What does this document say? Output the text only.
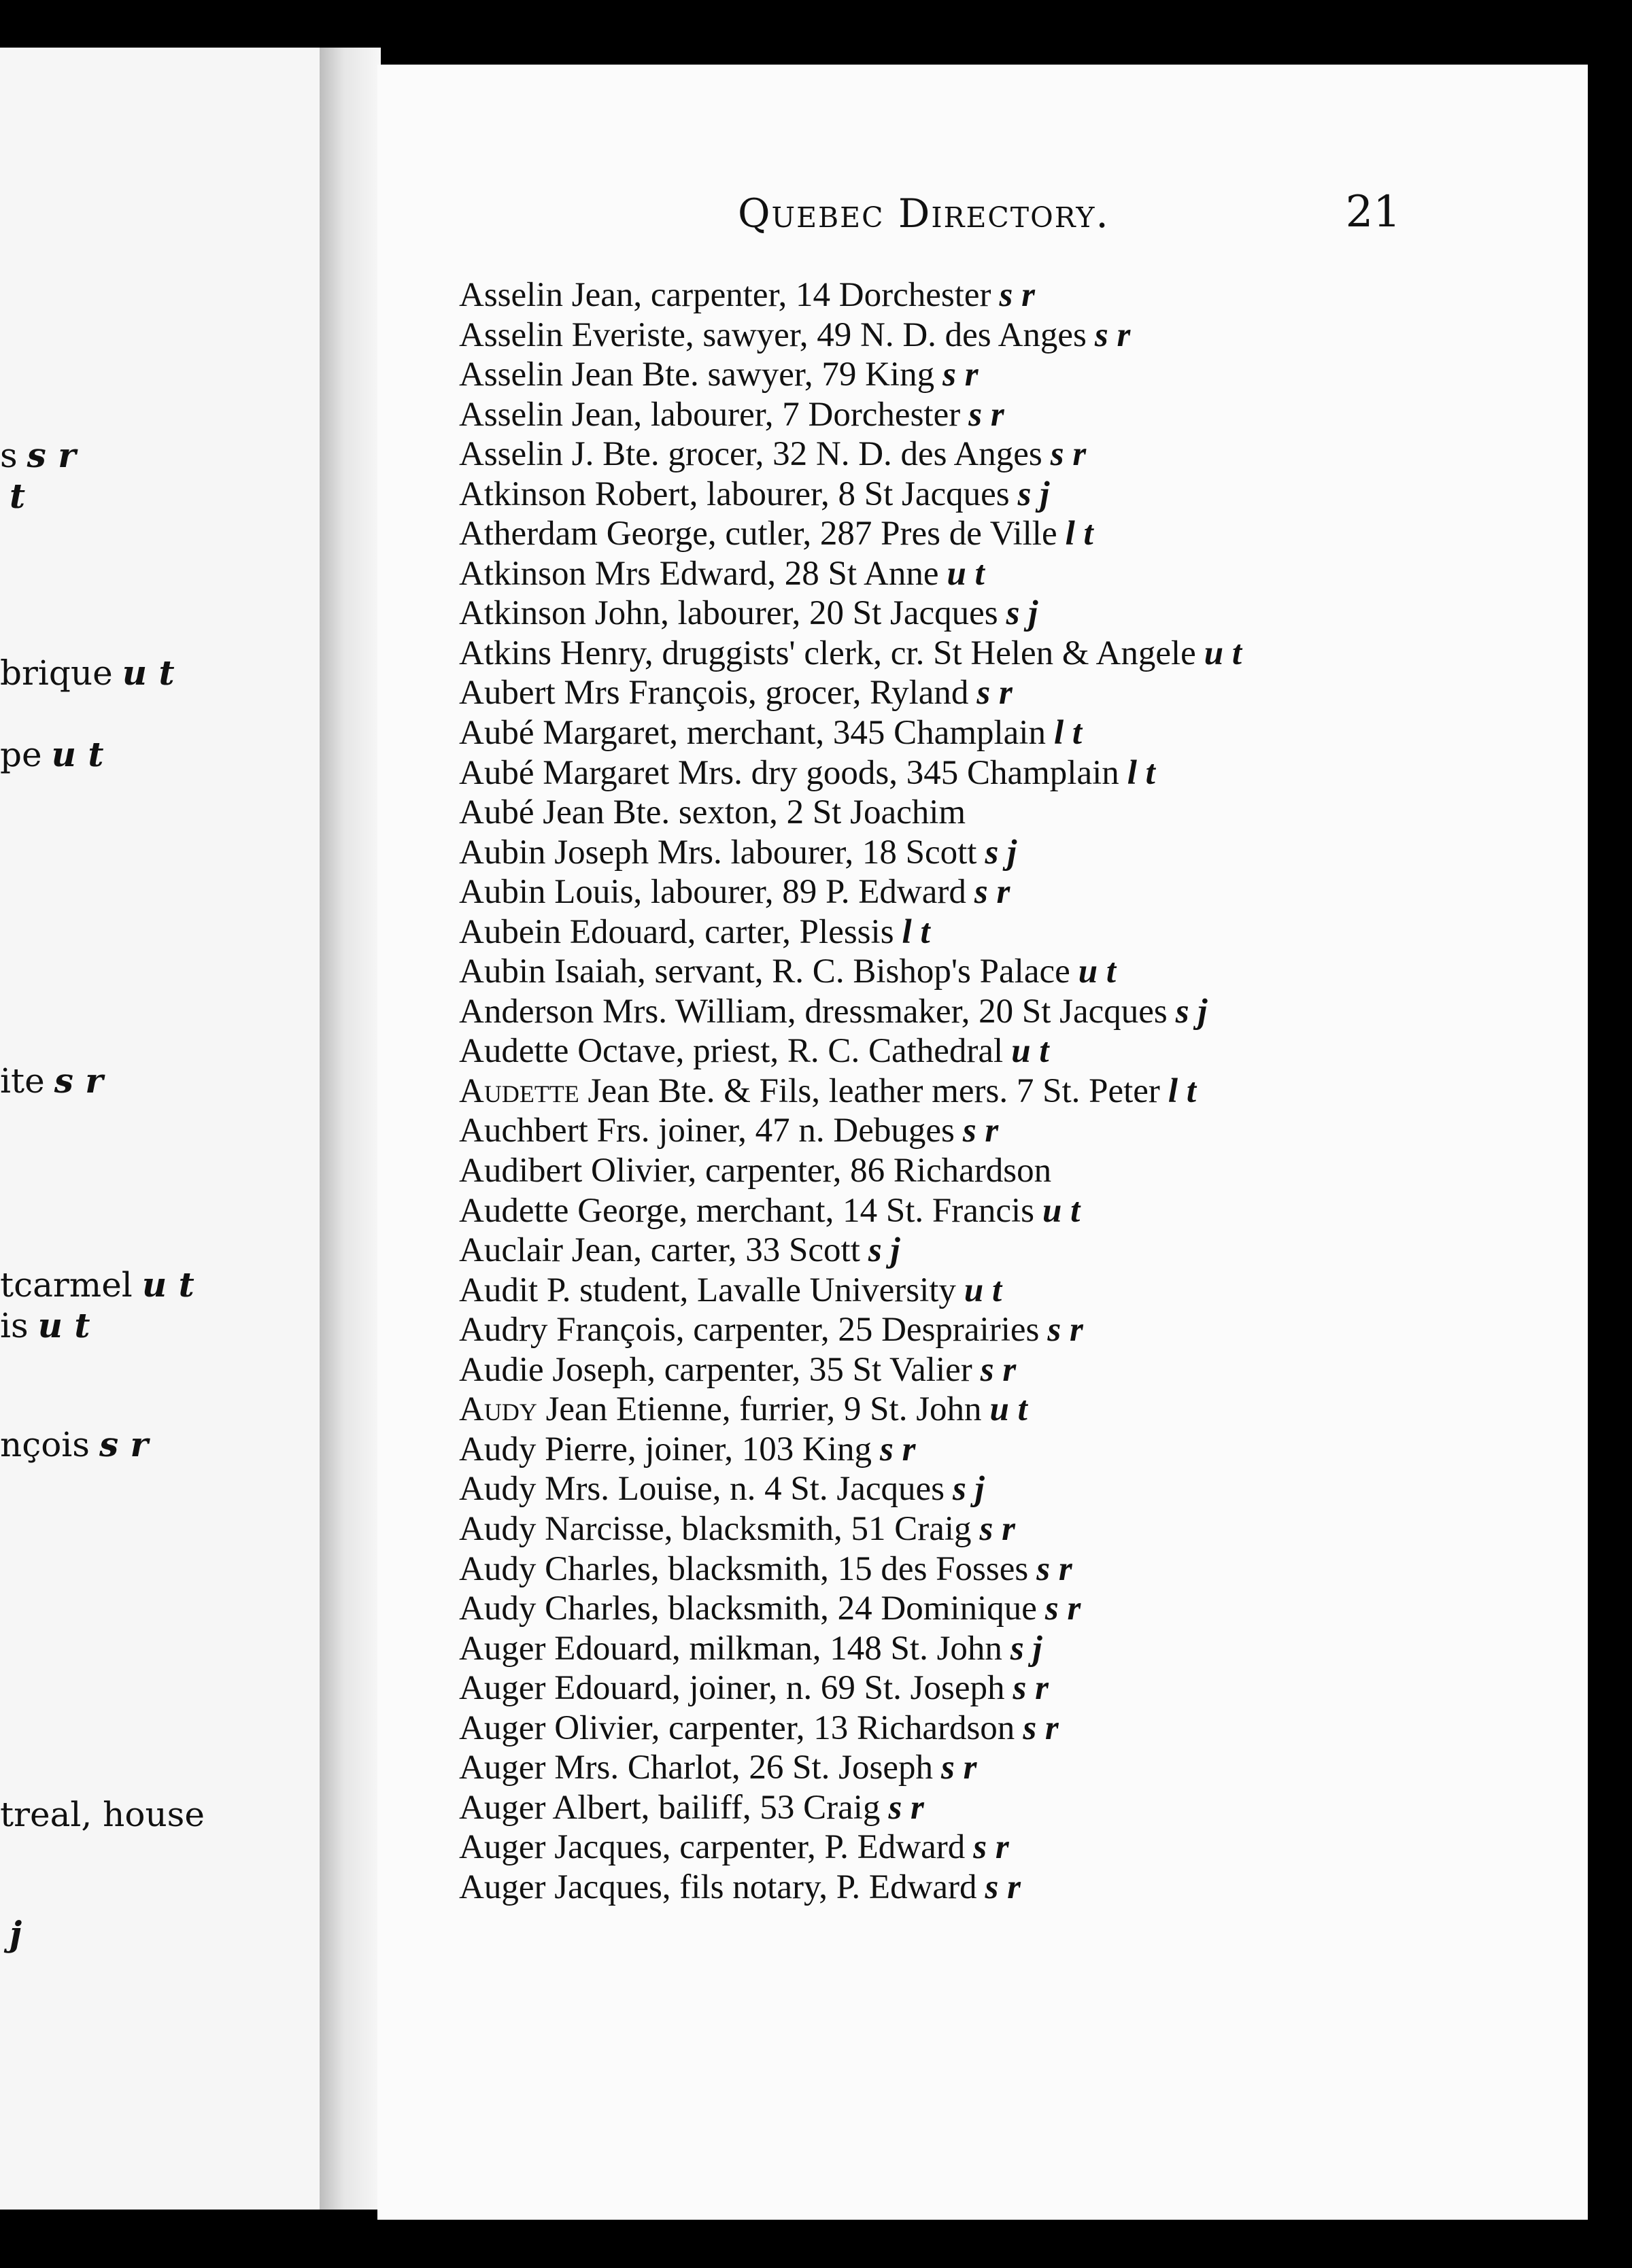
s s r
t
brique u t
pe u t
ite s r
tcarmel u t
is u t
nçois s r
treal, house
j
Quebec Directory.	21
Asselin Jean, carpenter, 14 Dorchester s r
Asselin Everiste, sawyer, 49 N. D. des Anges s r
Asselin Jean Bte. sawyer, 79 King s r
Asselin Jean, labourer, 7 Dorchester s r
Asselin J. Bte. grocer, 32 N. D. des Anges s r
Atkinson Robert, labourer, 8 St Jacques s j
Atherdam George, cutler, 287 Pres de Ville l t
Atkinson Mrs Edward, 28 St Anne u t
Atkinson John, labourer, 20 St Jacques s j
Atkins Henry, druggists' clerk, cr. St Helen & Angele u t
Aubert Mrs François, grocer, Ryland s r
Aubé Margaret, merchant, 345 Champlain l t
Aubé Margaret Mrs. dry goods, 345 Champlain l t
Aubé Jean Bte. sexton, 2 St Joachim
Aubin Joseph Mrs. labourer, 18 Scott s j
Aubin Louis, labourer, 89 P. Edward s r
Aubein Edouard, carter, Plessis l t
Aubin Isaiah, servant, R. C. Bishop's Palace u t
Anderson Mrs. William, dressmaker, 20 St Jacques s j
Audette Octave, priest, R. C. Cathedral u t
Audette Jean Bte. & Fils, leather mers. 7 St. Peter l t
Auchbert Frs. joiner, 47 n. Debuges s r
Audibert Olivier, carpenter, 86 Richardson
Audette George, merchant, 14 St. Francis u t
Auclair Jean, carter, 33 Scott s j
Audit P. student, Lavalle University u t
Audry François, carpenter, 25 Desprairies s r
Audie Joseph, carpenter, 35 St Valier s r
Audy Jean Etienne, furrier, 9 St. John u t
Audy Pierre, joiner, 103 King s r
Audy Mrs. Louise, n. 4 St. Jacques s j
Audy Narcisse, blacksmith, 51 Craig s r
Audy Charles, blacksmith, 15 des Fosses s r
Audy Charles, blacksmith, 24 Dominique s r
Auger Edouard, milkman, 148 St. John s j
Auger Edouard, joiner, n. 69 St. Joseph s r
Auger Olivier, carpenter, 13 Richardson s r
Auger Mrs. Charlot, 26 St. Joseph s r
Auger Albert, bailiff, 53 Craig s r
Auger Jacques, carpenter, P. Edward s r
Auger Jacques, fils notary, P. Edward s r
